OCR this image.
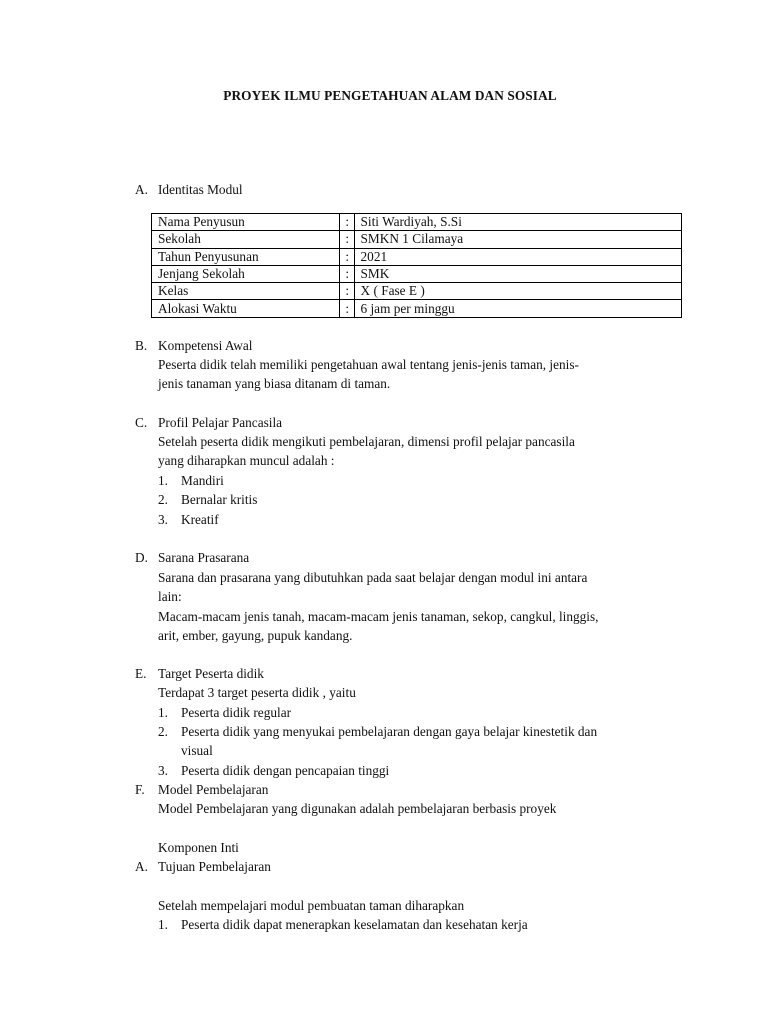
PROYEK ILMU PENGETAHUAN ALAM DAN SOSIAL
A. Identitas Modul
Nama Penyusun	:	Siti Wardiyah, S.Si
Sekolah	:	SMKN 1 Cilamaya
Tahun Penyusunan	:	2021
Jenjang Sekolah	:	SMK
Kelas	:	X ( Fase E )
Alokasi Waktu	:	6 jam per minggu
B. Kompetensi Awal
Peserta didik telah memiliki pengetahuan awal tentang jenis-jenis taman, jenis-
jenis tanaman yang biasa ditanam di taman.
C. Profil Pelajar Pancasila
Setelah peserta didik mengikuti pembelajaran, dimensi profil pelajar pancasila
yang diharapkan muncul adalah :
1. Mandiri
2. Bernalar kritis
3. Kreatif
D. Sarana Prasarana
Sarana dan prasarana yang dibutuhkan pada saat belajar dengan modul ini antara
lain:
Macam-macam jenis tanah, macam-macam jenis tanaman, sekop, cangkul, linggis,
arit, ember, gayung, pupuk kandang.
E. Target Peserta didik
Terdapat 3 target peserta didik , yaitu
1. Peserta didik regular
2. Peserta didik yang menyukai pembelajaran dengan gaya belajar kinestetik dan
visual
3. Peserta didik dengan pencapaian tinggi
F. Model Pembelajaran
Model Pembelajaran yang digunakan adalah pembelajaran berbasis proyek
Komponen Inti
A. Tujuan Pembelajaran
Setelah mempelajari modul pembuatan taman diharapkan
1. Peserta didik dapat menerapkan keselamatan dan kesehatan kerja
